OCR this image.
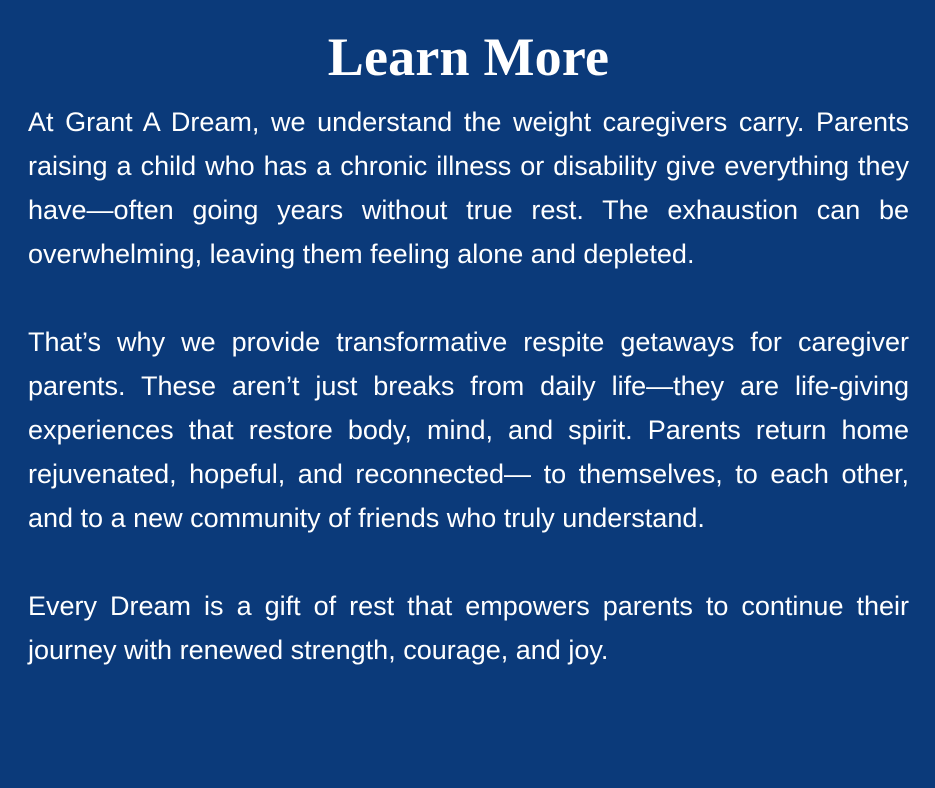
Learn More

At Grant A Dream, we understand the weight caregivers carry. Parents raising a child who has a chronic illness or disability give everything they have—often going years without true rest. The exhaustion can be overwhelming, leaving them feeling alone and depleted.

That’s why we provide transformative respite getaways for caregiver parents. These aren’t just breaks from daily life—they are life-giving experiences that restore body, mind, and spirit. Parents return home rejuvenated, hopeful, and reconnected— to themselves, to each other, and to a new community of friends who truly understand.

Every Dream is a gift of rest that empowers parents to continue their journey with renewed strength, courage, and joy.
